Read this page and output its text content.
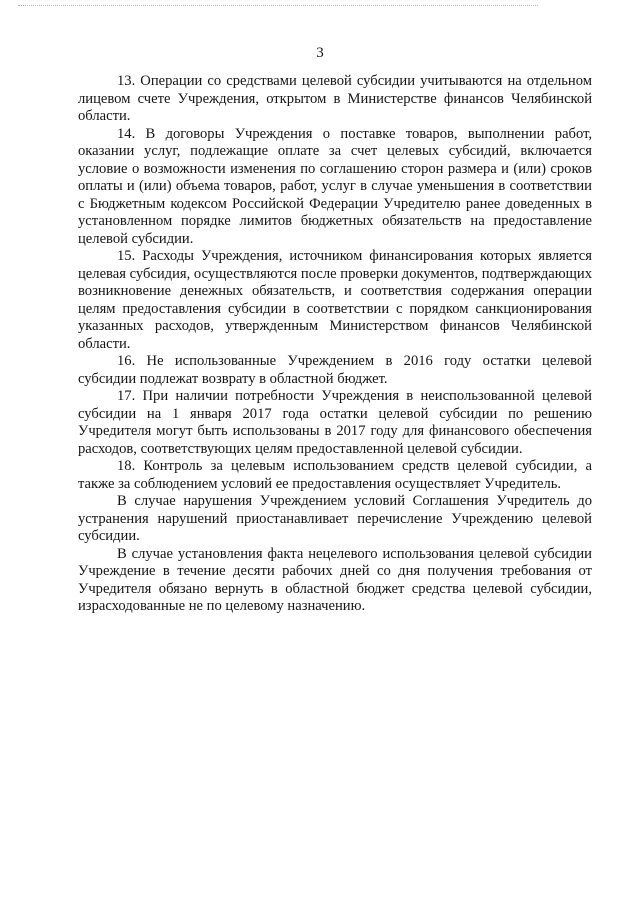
3

13. Операции со средствами целевой субсидии учитываются на отдельном лицевом счете Учреждения, открытом в Министерстве финансов Челябинской области.

14. В договоры Учреждения о поставке товаров, выполнении работ, оказании услуг, подлежащие оплате за счет целевых субсидий, включается условие о возможности изменения по соглашению сторон размера и (или) сроков оплаты и (или) объема товаров, работ, услуг в случае уменьшения в соответствии с Бюджетным кодексом Российской Федерации Учредителю ранее доведенных в установленном порядке лимитов бюджетных обязательств на предоставление целевой субсидии.

15. Расходы Учреждения, источником финансирования которых является целевая субсидия, осуществляются после проверки документов, подтверждающих возникновение денежных обязательств, и соответствия содержания операции целям предоставления субсидии в соответствии с порядком санкционирования указанных расходов, утвержденным Министерством финансов Челябинской области.

16. Не использованные Учреждением в 2016 году остатки целевой субсидии подлежат возврату в областной бюджет.

17. При наличии потребности Учреждения в неиспользованной целевой субсидии на 1 января 2017 года остатки целевой субсидии по решению Учредителя могут быть использованы в 2017 году для финансового обеспечения расходов, соответствующих целям предоставленной целевой субсидии.

18. Контроль за целевым использованием средств целевой субсидии, а также за соблюдением условий ее предоставления осуществляет Учредитель.

В случае нарушения Учреждением условий Соглашения Учредитель до устранения нарушений приостанавливает перечисление Учреждению целевой субсидии.

В случае установления факта нецелевого использования целевой субсидии Учреждение в течение десяти рабочих дней со дня получения требования от Учредителя обязано вернуть в областной бюджет средства целевой субсидии, израсходованные не по целевому назначению.
